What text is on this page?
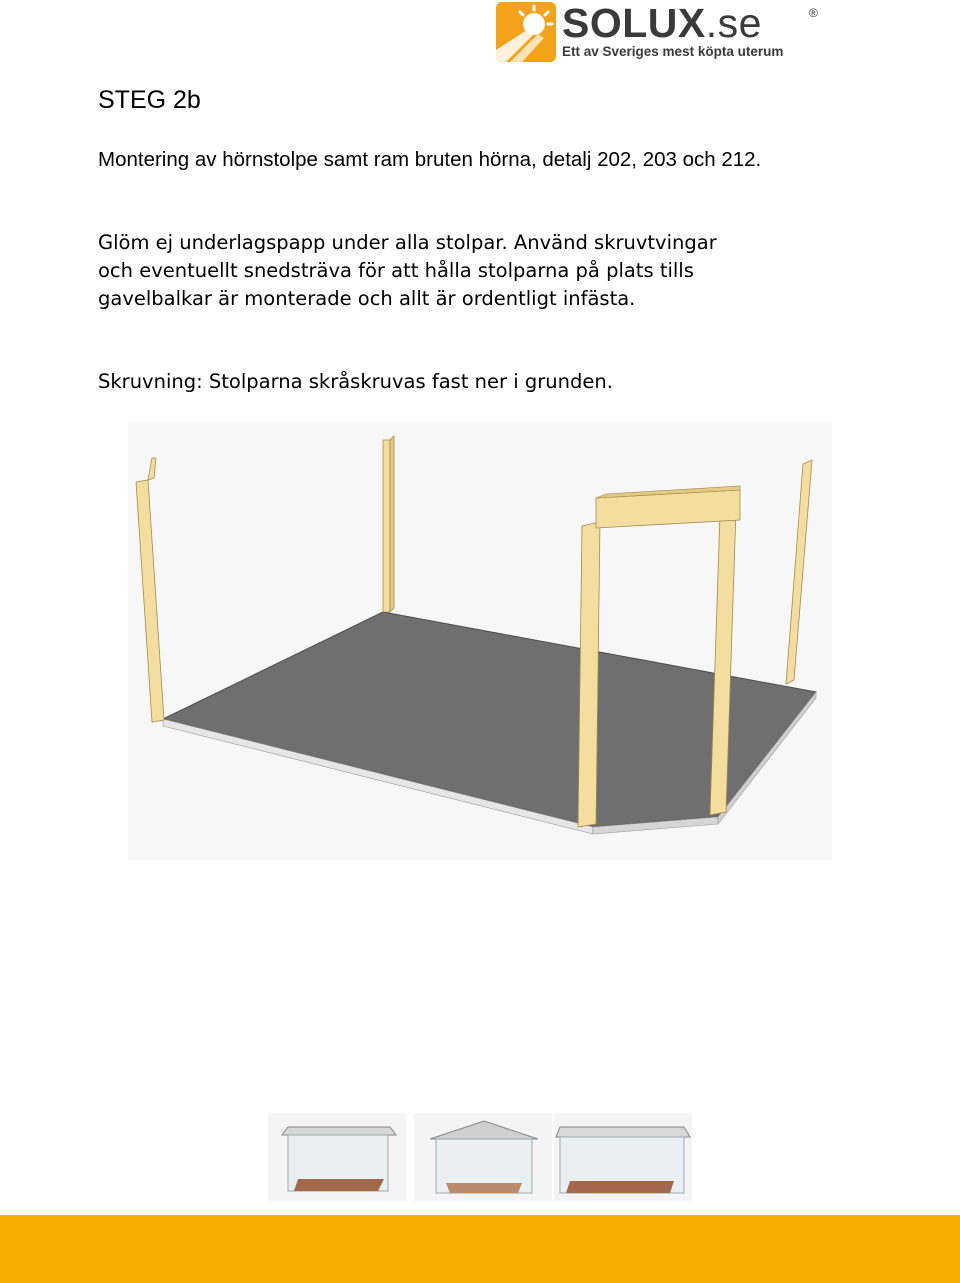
SOLUX.se	®
Ett av Sveriges mest köpta uterum
STEG 2b
Montering av hörnstolpe samt ram bruten hörna, detalj 202, 203 och 212.

Glöm ej underlagspapp under alla stolpar. Använd skruvtvingar
och eventuellt snedsträva för att hålla stolparna på plats tills
gavelbalkar är monterade och allt är ordentligt infästa.

Skruvning: Stolparna skråskruvas fast ner i grunden.
